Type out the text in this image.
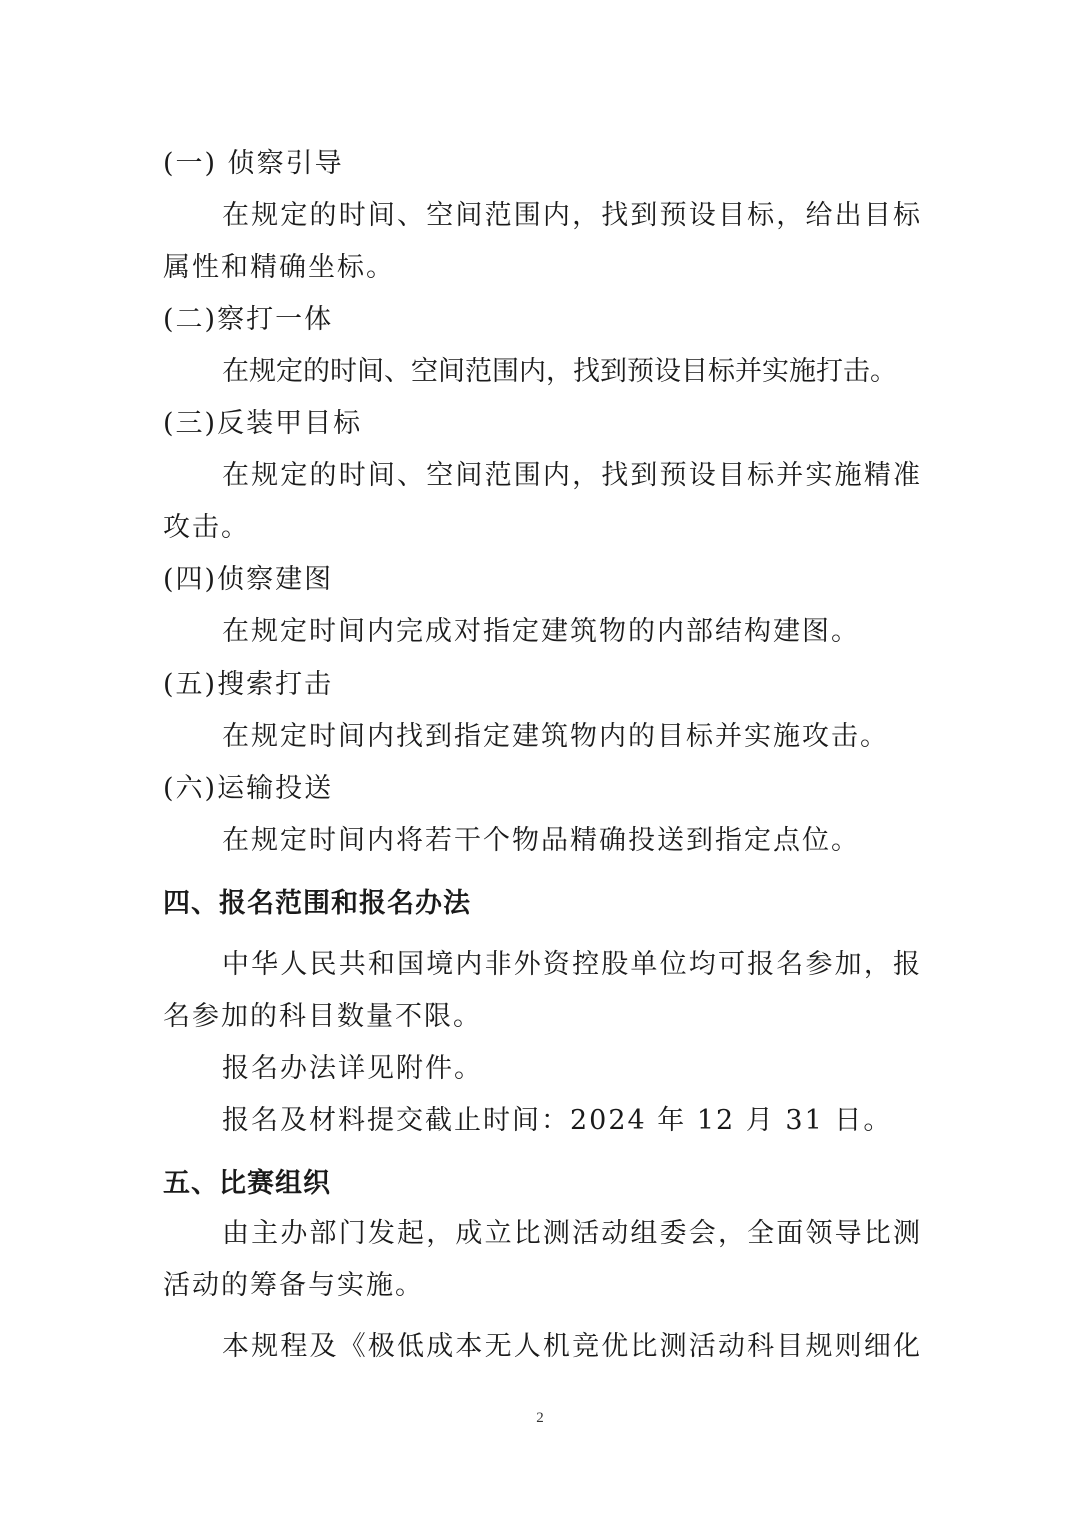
(一) 侦察引导
在规定的时间、空间范围内，找到预设目标，给出目标
属性和精确坐标。
(二)察打一体
在规定的时间、空间范围内，找到预设目标并实施打击。
(三)反装甲目标
在规定的时间、空间范围内，找到预设目标并实施精准
攻击。
(四)侦察建图
在规定时间内完成对指定建筑物的内部结构建图。
(五)搜索打击
在规定时间内找到指定建筑物内的目标并实施攻击。
(六)运输投送
在规定时间内将若干个物品精确投送到指定点位。
四、报名范围和报名办法
中华人民共和国境内非外资控股单位均可报名参加，报
名参加的科目数量不限。
报名办法详见附件。
报名及材料提交截止时间：2024 年 12 月 31 日。
五、比赛组织
由主办部门发起，成立比测活动组委会，全面领导比测
活动的筹备与实施。
本规程及《极低成本无人机竞优比测活动科目规则细化
2
